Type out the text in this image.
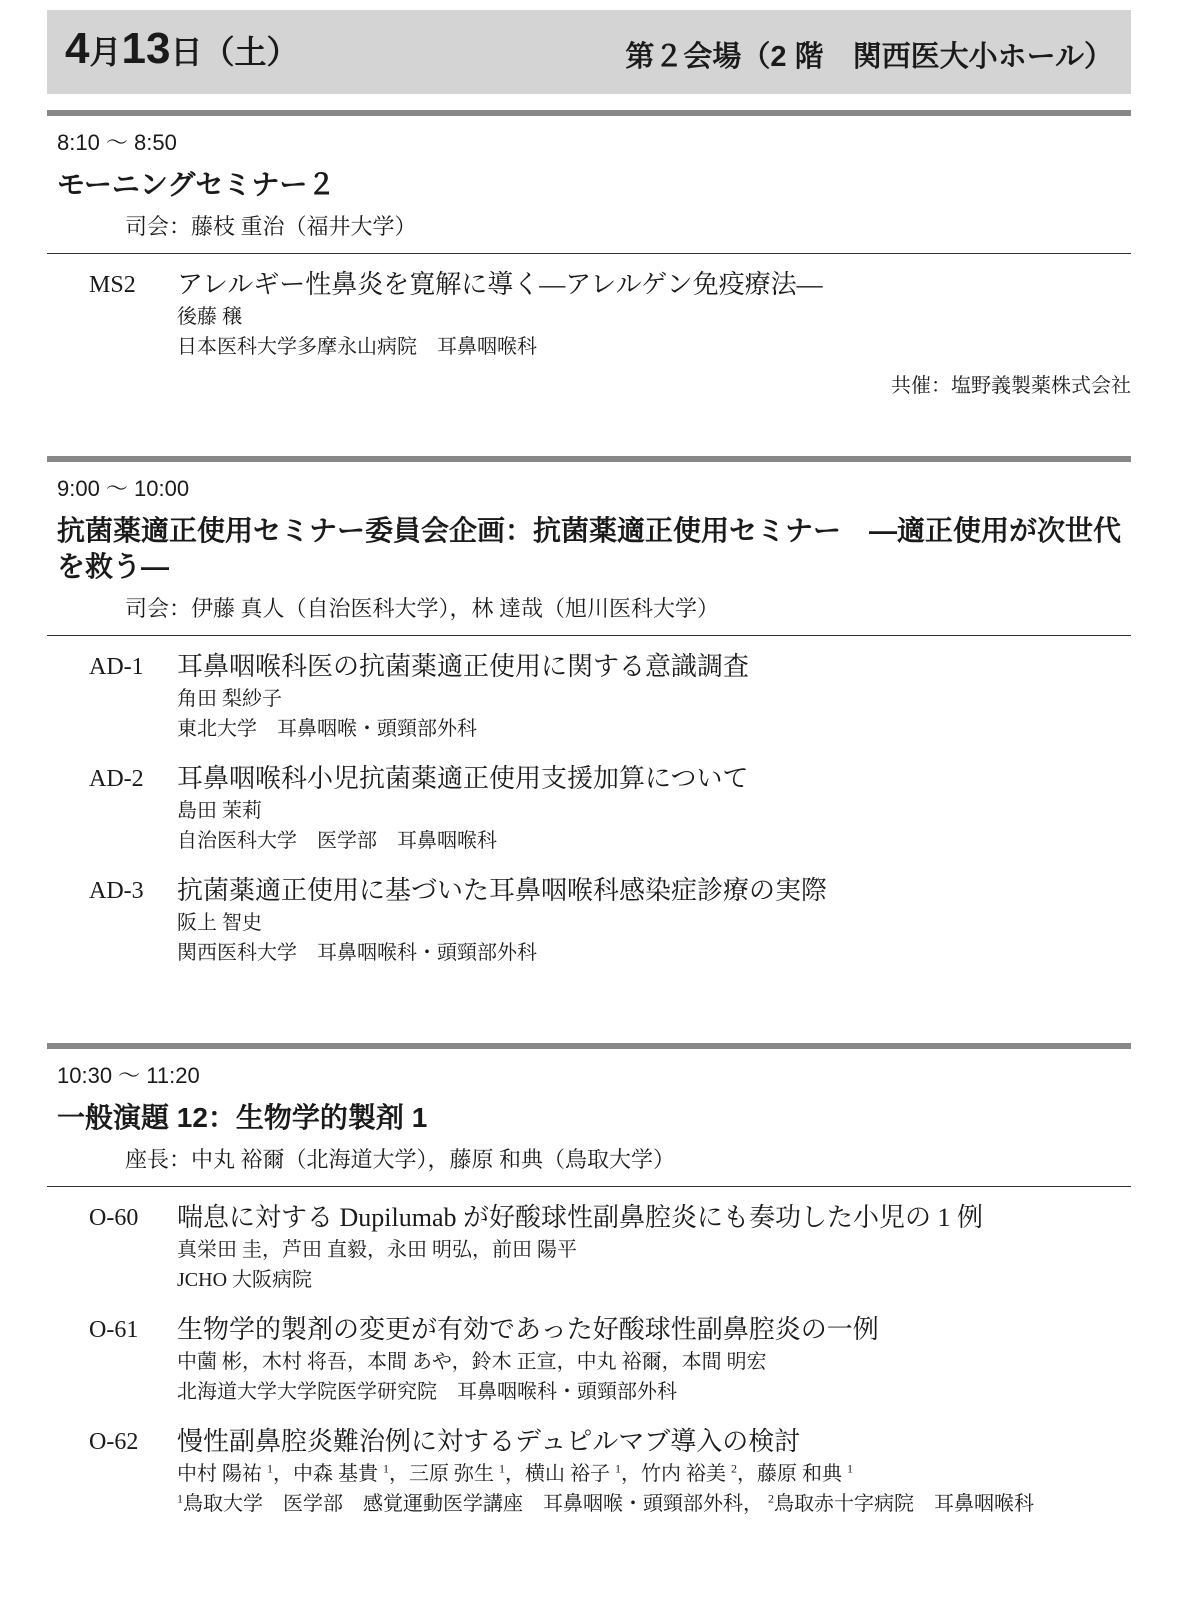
4月13日（土）	第２会場（2 階　関西医大小ホール）
8:10 ～ 8:50
モーニングセミナー２
司会：藤枝 重治（福井大学）
MS2 アレルギー性鼻炎を寛解に導く―アレルゲン免疫療法―
後藤 穣
日本医科大学多摩永山病院　耳鼻咽喉科
共催：塩野義製薬株式会社
9:00 ～ 10:00
抗菌薬適正使用セミナー委員会企画：抗菌薬適正使用セミナー　―適正使用が次世代を救う―
司会：伊藤 真人（自治医科大学），林 達哉（旭川医科大学）
AD-1 耳鼻咽喉科医の抗菌薬適正使用に関する意識調査
角田 梨紗子
東北大学　耳鼻咽喉・頭頸部外科
AD-2 耳鼻咽喉科小児抗菌薬適正使用支援加算について
島田 茉莉
自治医科大学　医学部　耳鼻咽喉科
AD-3 抗菌薬適正使用に基づいた耳鼻咽喉科感染症診療の実際
阪上 智史
関西医科大学　耳鼻咽喉科・頭頸部外科
10:30 ～ 11:20
一般演題 12：生物学的製剤 1
座長：中丸 裕爾（北海道大学），藤原 和典（鳥取大学）
O-60 喘息に対する Dupilumab が好酸球性副鼻腔炎にも奏功した小児の 1 例
真栄田 圭，芦田 直毅，永田 明弘，前田 陽平
JCHO 大阪病院
O-61 生物学的製剤の変更が有効であった好酸球性副鼻腔炎の一例
中薗 彬，木村 将吾，本間 あや，鈴木 正宣，中丸 裕爾，本間 明宏
北海道大学大学院医学研究院　耳鼻咽喉科・頭頸部外科
O-62 慢性副鼻腔炎難治例に対するデュピルマブ導入の検討
中村 陽祐 $^1$，中森 基貴 $^1$，三原 弥生 $^1$，横山 裕子 $^1$，竹内 裕美 $^2$，藤原 和典 $^1$
$^1$鳥取大学　医学部　感覚運動医学講座　耳鼻咽喉・頭頸部外科， $^2$鳥取赤十字病院　耳鼻咽喉科
